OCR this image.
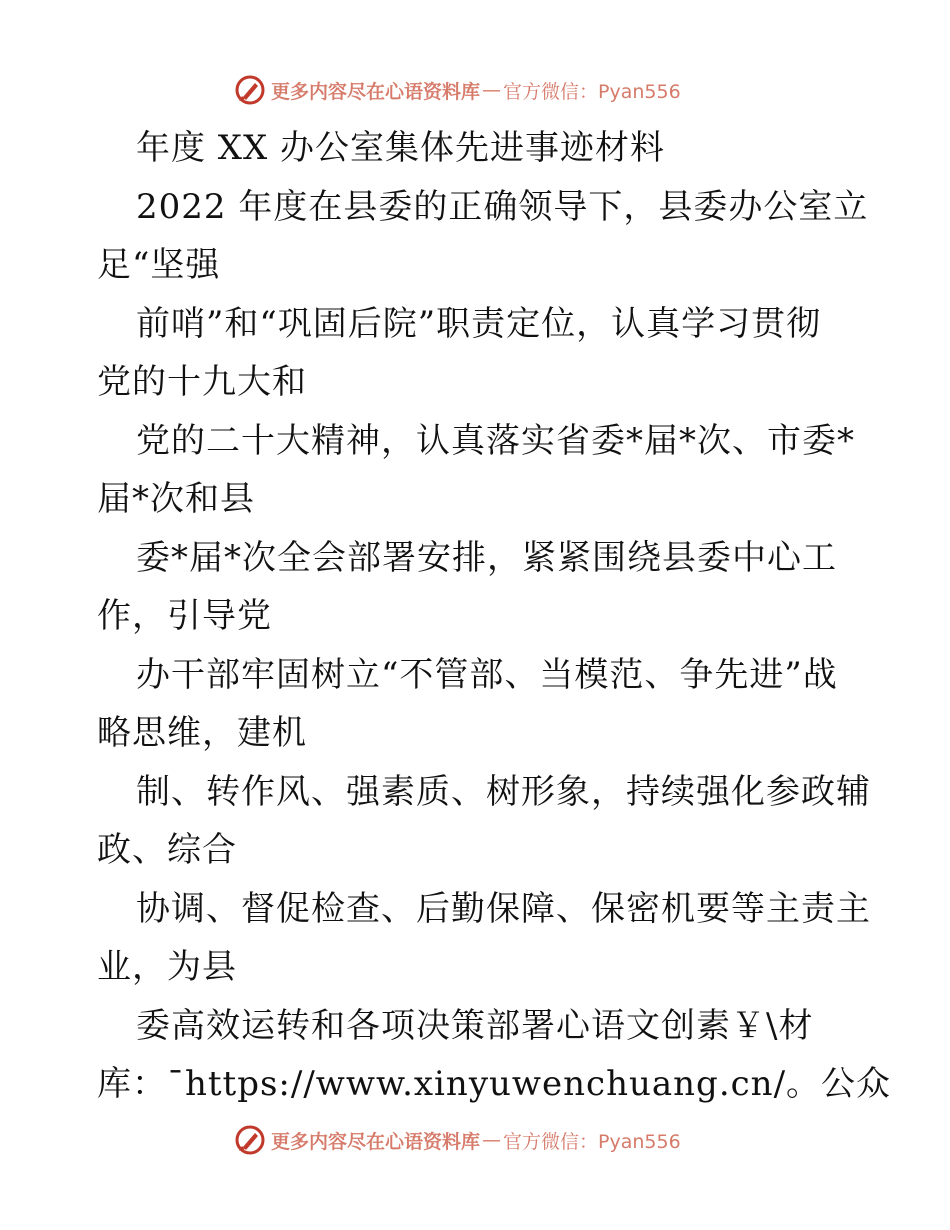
更多内容尽在心语资料库 — 官方微信：Pyan556
年度 XX 办公室集体先进事迹材料
2022 年度在县委的正确领导下，县委办公室立
足“坚强
前哨”和“巩固后院”职责定位，认真学习贯彻
党的十九大和
党的二十大精神，认真落实省委*届*次、市委*
届*次和县
委*届*次全会部署安排，紧紧围绕县委中心工
作，引导党
办干部牢固树立“不管部、当模范、争先进”战
略思维，建机
制、转作风、强素质、树形象，持续强化参政辅
政、综合
协调、督促检查、后勤保障、保密机要等主责主
业，为县
委高效运转和各项决策部署心语文创素￥\材
库：¯https://www.xinyuwenchuang.cn/。公众
更多内容尽在心语资料库 — 官方微信：Pyan556
